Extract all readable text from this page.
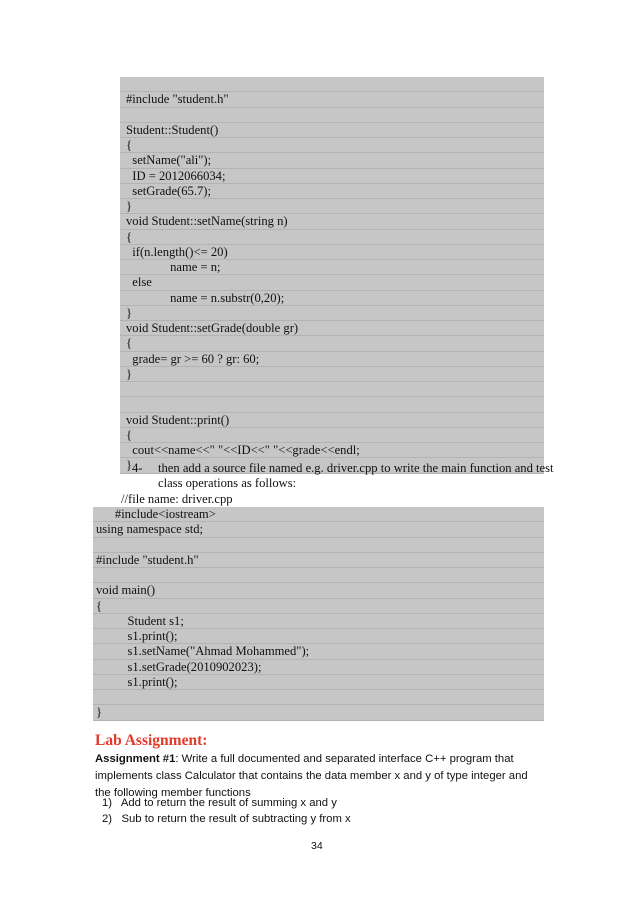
#include "student.h"
Student::Student()
{
setName("ali");
ID = 2012066034;
setGrade(65.7);
}
void Student::setName(string n)
{
if(n.length()<= 20)
name = n;
else
name = n.substr(0,20);
}
void Student::setGrade(double gr)
{
grade= gr >= 60 ? gr: 60;
}
void Student::print()
{
cout<<name<<" "<<ID<<" "<<grade<<endl;
} 4- then add a source file named e.g. driver.cpp to write the main function and test class operations as follows:
//file name: driver.cpp
#include<iostream>
using namespace std;
#include "student.h"
void main()
{
Student s1;
s1.print();
s1.setName("Ahmad Mohammed");
s1.setGrade(2010902023);
s1.print();
}
Lab Assignment:
Assignment #1: Write a full documented and separated interface C++ program that implements class Calculator that contains the data member x and y of type integer and the following member functions
1)   Add to return the result of summing x and y
2)   Sub to return the result of subtracting y from x
34
